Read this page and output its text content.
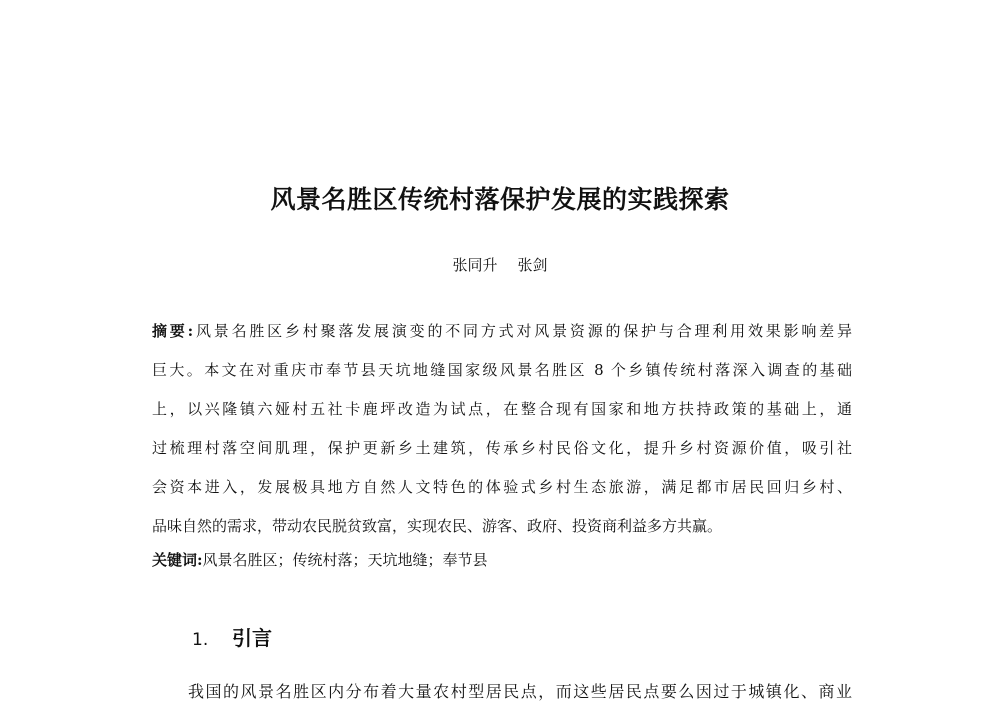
风景名胜区传统村落保护发展的实践探索
张同升 张剑
摘要:风景名胜区乡村聚落发展演变的不同方式对风景资源的保护与合理利用效果影响差异
巨大。本文在对重庆市奉节县天坑地缝国家级风景名胜区 8 个乡镇传统村落深入调查的基础
上，以兴隆镇六娅村五社卡鹿坪改造为试点，在整合现有国家和地方扶持政策的基础上，通
过梳理村落空间肌理，保护更新乡土建筑，传承乡村民俗文化，提升乡村资源价值，吸引社
会资本进入，发展极具地方自然人文特色的体验式乡村生态旅游，满足都市居民回归乡村、
品味自然的需求，带动农民脱贫致富，实现农民、游客、政府、投资商利益多方共赢。
关键词:风景名胜区；传统村落；天坑地缝；奉节县
1. 引言
我国的风景名胜区内分布着大量农村型居民点，而这些居民点要么因过于城镇化、商业
